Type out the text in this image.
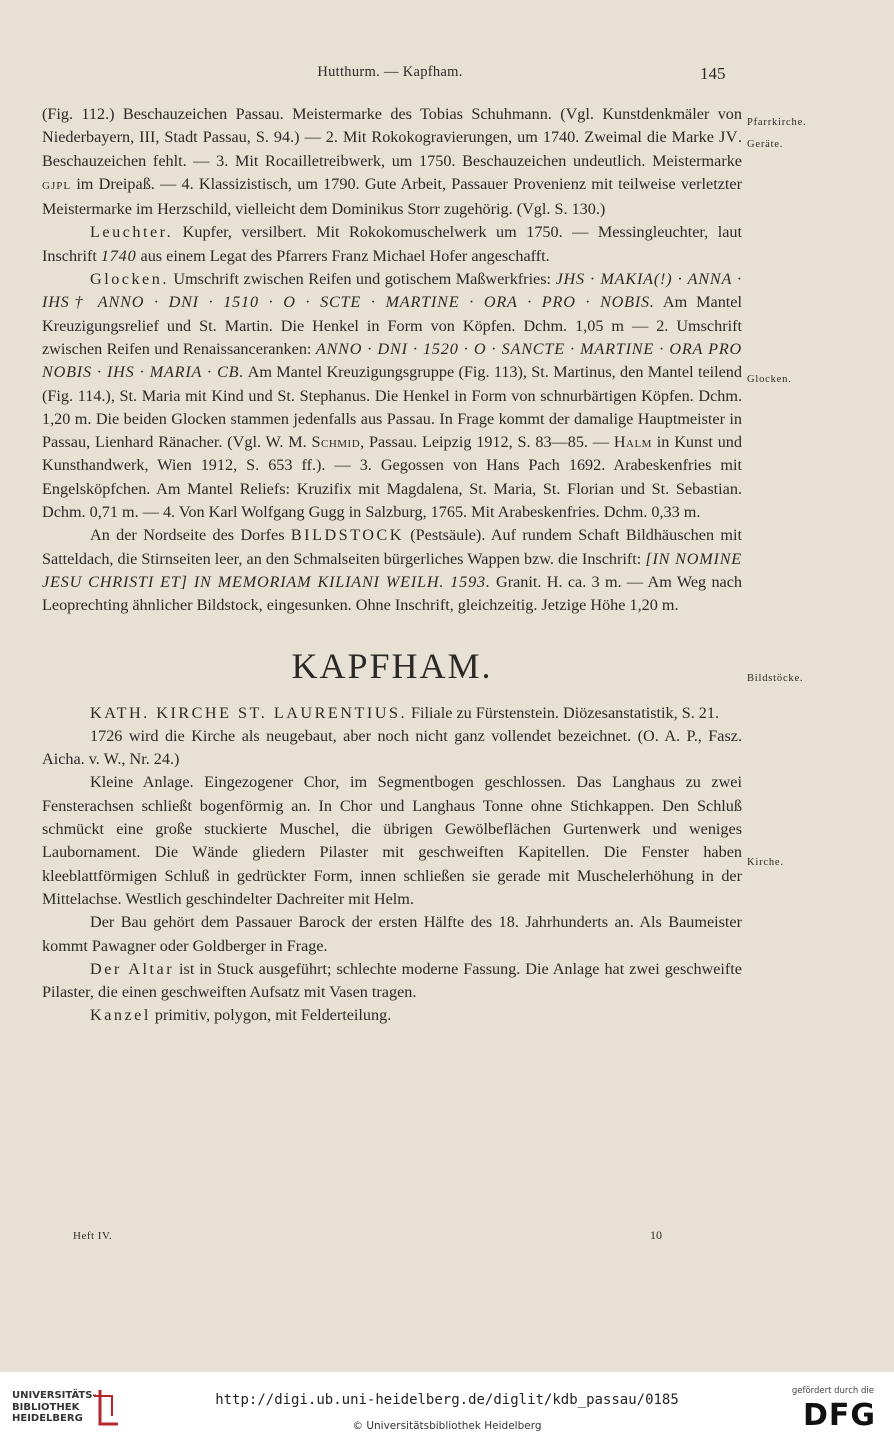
Hutthurm. — Kapfham.	145
Pfarrkirche.
Geräte.
Glocken.
Bildstöcke.
Kirche.

(Fig. 112.) Beschauzeichen Passau. Meistermarke des Tobias Schuhmann. (Vgl. Kunstdenkmäler von Niederbayern, III, Stadt Passau, S. 94.) — 2. Mit Rokokogravierungen, um 1740. Zweimal die Marke JV. Beschauzeichen fehlt. — 3. Mit Rocailletreibwerk, um 1750. Beschauzeichen undeutlich. Meistermarke GJPL im Dreipaß. — 4. Klassizistisch, um 1790. Gute Arbeit, Passauer Provenienz mit teilweise verletzter Meistermarke im Herzschild, vielleicht dem Dominikus Storr zugehörig. (Vgl. S. 130.)

Leuchter. Kupfer, versilbert. Mit Rokokomuschelwerk um 1750. — Messingleuchter, laut Inschrift 1740 aus einem Legat des Pfarrers Franz Michael Hofer angeschafft.

Glocken. Umschrift zwischen Reifen und gotischem Maßwerkfries: JHS · MAKIA(!) · ANNA · IHS† ANNO · DNI · 1510 · O · SCTE · MARTINE · ORA · PRO · NOBIS. Am Mantel Kreuzigungsrelief und St. Martin. Die Henkel in Form von Köpfen. Dchm. 1,05 m — 2. Umschrift zwischen Reifen und Renaissanceranken: ANNO · DNI · 1520 · O · SANCTE · MARTINE · ORA PRO NOBIS · IHS · MARIA · CB. Am Mantel Kreuzigungsgruppe (Fig. 113), St. Martinus, den Mantel teilend (Fig. 114.), St. Maria mit Kind und St. Stephanus. Die Henkel in Form von schnurbärtigen Köpfen. Dchm. 1,20 m. Die beiden Glocken stammen jedenfalls aus Passau. In Frage kommt der damalige Hauptmeister in Passau, Lienhard Ränacher. (Vgl. W. M. Schmid, Passau. Leipzig 1912, S. 83—85. — Halm in Kunst und Kunsthandwerk, Wien 1912, S. 653 ff.). — 3. Gegossen von Hans Pach 1692. Arabeskenfries mit Engelsköpfchen. Am Mantel Reliefs: Kruzifix mit Magdalena, St. Maria, St. Florian und St. Sebastian. Dchm. 0,71 m. — 4. Von Karl Wolfgang Gugg in Salzburg, 1765. Mit Arabeskenfries. Dchm. 0,33 m.

An der Nordseite des Dorfes BILDSTOCK (Pestsäule). Auf rundem Schaft Bildhäuschen mit Satteldach, die Stirnseiten leer, an den Schmalseiten bürgerliches Wappen bzw. die Inschrift: [IN NOMINE JESU CHRISTI ET] IN MEMORIAM KILIANI WEILH. 1593. Granit. H. ca. 3 m. — Am Weg nach Leoprechting ähnlicher Bildstock, eingesunken. Ohne Inschrift, gleichzeitig. Jetzige Höhe 1,20 m.

KAPFHAM.

KATH. KIRCHE ST. LAURENTIUS. Filiale zu Fürstenstein. Diözesanstatistik, S. 21.

1726 wird die Kirche als neugebaut, aber noch nicht ganz vollendet bezeichnet. (O. A. P., Fasz. Aicha. v. W., Nr. 24.)

Kleine Anlage. Eingezogener Chor, im Segmentbogen geschlossen. Das Langhaus zu zwei Fensterachsen schließt bogenförmig an. In Chor und Langhaus Tonne ohne Stichkappen. Den Schluß schmückt eine große stuckierte Muschel, die übrigen Gewölbeflächen Gurtenwerk und weniges Laubornament. Die Wände gliedern Pilaster mit geschweiften Kapitellen. Die Fenster haben kleeblattförmigen Schluß in gedrückter Form, innen schließen sie gerade mit Muschelerhöhung in der Mittelachse. Westlich geschindelter Dachreiter mit Helm.

Der Bau gehört dem Passauer Barock der ersten Hälfte des 18. Jahrhunderts an. Als Baumeister kommt Pawagner oder Goldberger in Frage.

Der Altar ist in Stuck ausgeführt; schlechte moderne Fassung. Die Anlage hat zwei geschweifte Pilaster, die einen geschweiften Aufsatz mit Vasen tragen.

Kanzel primitiv, polygon, mit Felderteilung.

Heft IV.	10
UNIVERSITÄTS-
BIBLIOTHEK
HEIDELBERG
http://digi.ub.uni-heidelberg.de/diglit/kdb_passau/0185
© Universitätsbibliothek Heidelberg
gefördert durch die
DFG
